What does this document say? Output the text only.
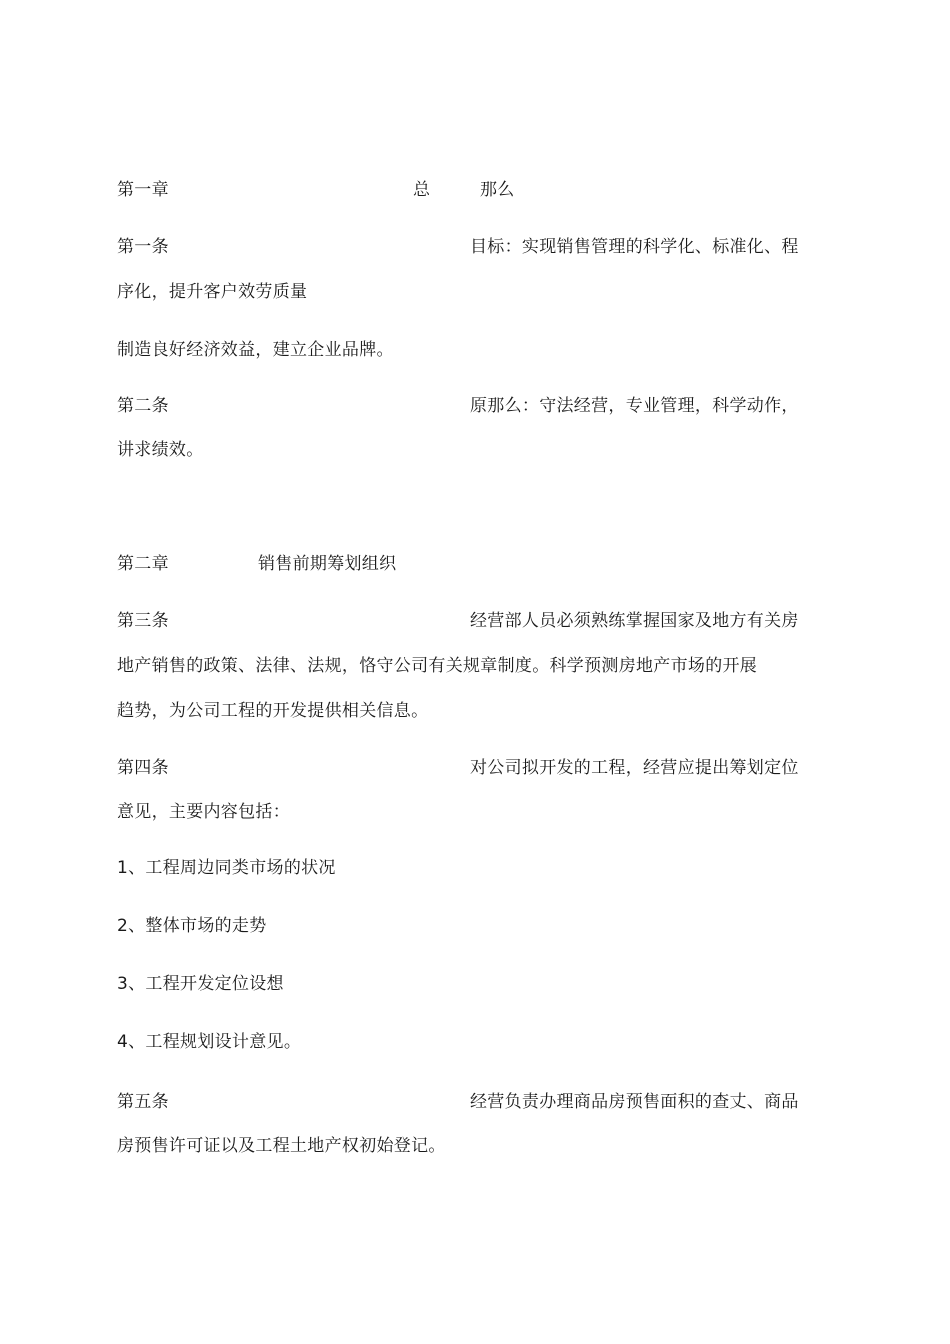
第一章	总	那么
第一条	目标：实现销售管理的科学化、标准化、程
序化，提升客户效劳质量
制造良好经济效益，建立企业品牌。
第二条	原那么：守法经营，专业管理，科学动作，
讲求绩效。
第二章	销售前期筹划组织
第三条	经营部人员必须熟练掌握国家及地方有关房
地产销售的政策、法律、法规，恪守公司有关规章制度。科学预测房地产市场的开展
趋势，为公司工程的开发提供相关信息。
第四条	对公司拟开发的工程，经营应提出筹划定位
意见，主要内容包括：
1、工程周边同类市场的状况
2、整体市场的走势
3、工程开发定位设想
4、工程规划设计意见。
第五条	经营负责办理商品房预售面积的查丈、商品
房预售许可证以及工程土地产权初始登记。
